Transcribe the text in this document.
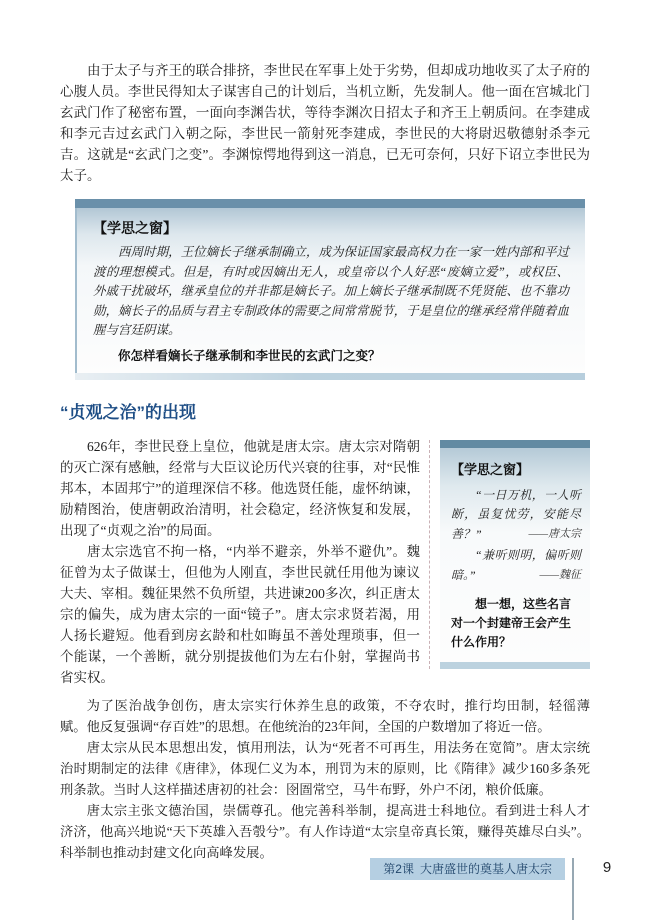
由于太子与齐王的联合排挤，李世民在军事上处于劣势，但却成功地收买了太子府的心腹人员。李世民得知太子谋害自己的计划后，当机立断，先发制人。他一面在宫城北门玄武门作了秘密布置，一面向李渊告状，等待李渊次日招太子和齐王上朝质问。在李建成和李元吉过玄武门入朝之际，李世民一箭射死李建成，李世民的大将尉迟敬德射杀李元吉。这就是“玄武门之变”。李渊惊愕地得到这一消息，已无可奈何，只好下诏立李世民为太子。

【学思之窗】

西周时期，王位嫡长子继承制确立，成为保证国家最高权力在一家一姓内部和平过渡的理想模式。但是，有时或因嫡出无人，或皇帝以个人好恶“废嫡立爱”，或权臣、外戚干扰破坏，继承皇位的并非都是嫡长子。加上嫡长子继承制既不凭贤能、也不靠功勋，嫡长子的品质与君主专制政体的需要之间常常脱节，于是皇位的继承经常伴随着血腥与宫廷阴谋。

你怎样看嫡长子继承制和李世民的玄武门之变？

“贞观之治”的出现
【学思之窗】

“一日万机，一人听断，虽复忧劳，安能尽善？”	——唐太宗

“兼听则明，偏听则暗。”	——魏征

想一想，这些名言对一个封建帝王会产生什么作用？

626年，李世民登上皇位，他就是唐太宗。唐太宗对隋朝的灭亡深有感触，经常与大臣议论历代兴衰的往事，对“民惟邦本，本固邦宁”的道理深信不移。他选贤任能，虚怀纳谏，励精图治，使唐朝政治清明，社会稳定，经济恢复和发展，出现了“贞观之治”的局面。

唐太宗选官不拘一格，“内举不避亲，外举不避仇”。魏征曾为太子做谋士，但他为人刚直，李世民就任用他为谏议大夫、宰相。魏征果然不负所望，共进谏200多次，纠正唐太宗的偏失，成为唐太宗的一面“镜子”。唐太宗求贤若渴，用人扬长避短。他看到房玄龄和杜如晦虽不善处理琐事，但一个能谋，一个善断，就分别提拔他们为左右仆射，掌握尚书省实权。

为了医治战争创伤，唐太宗实行休养生息的政策，不夺农时，推行均田制，轻徭薄赋。他反复强调“存百姓”的思想。在他统治的23年间，全国的户数增加了将近一倍。

唐太宗从民本思想出发，慎用刑法，认为“死者不可再生，用法务在宽简”。唐太宗统治时期制定的法律《唐律》，体现仁义为本，刑罚为末的原则，比《隋律》减少160多条死刑条款。当时人这样描述唐初的社会：囹圄常空，马牛布野，外户不闭，粮价低廉。

唐太宗主张文德治国，崇儒尊孔。他完善科举制，提高进士科地位。看到进士科人才济济，他高兴地说“天下英雄入吾彀兮”。有人作诗道“太宗皇帝真长策，赚得英雄尽白头”。科举制也推动封建文化向高峰发展。

第2课 大唐盛世的奠基人唐太宗	9
